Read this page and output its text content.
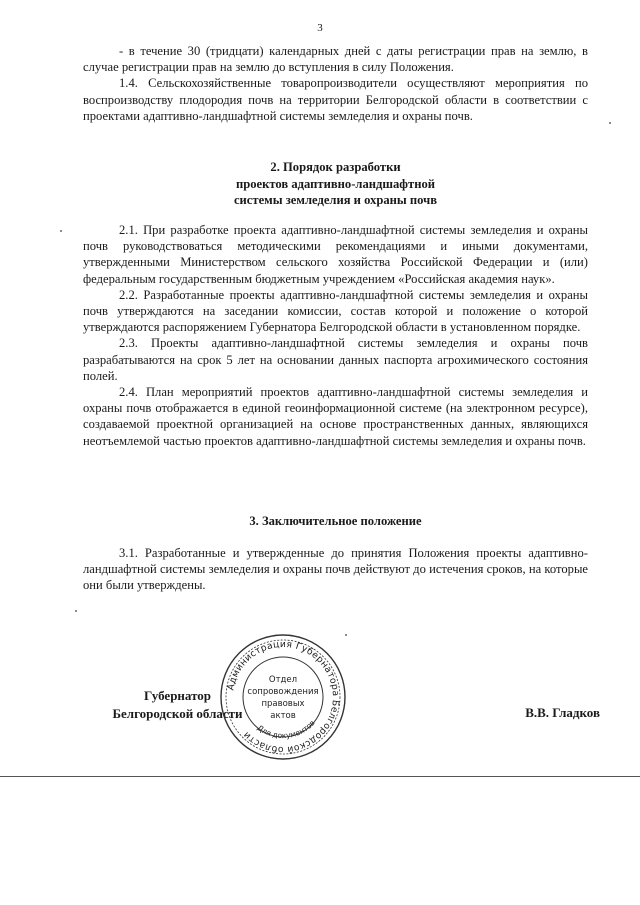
3

- в течение 30 (тридцати) календарных дней с даты регистрации прав на землю, в случае регистрации прав на землю до вступления в силу Положения.

1.4. Сельскохозяйственные товаропроизводители осуществляют мероприятия по воспроизводству плодородия почв на территории Белгородской области в соответствии с проектами адаптивно-ландшафтной системы земледелия и охраны почв.

2. Порядок разработки
проектов адаптивно-ландшафтной
системы земледелия и охраны почв

2.1. При разработке проекта адаптивно-ландшафтной системы земледелия и охраны почв руководствоваться методическими рекомендациями и иными документами, утвержденными Министерством сельского хозяйства Российской Федерации и (или) федеральным государственным бюджетным учреждением «Российская академия наук».

2.2. Разработанные проекты адаптивно-ландшафтной системы земледелия и охраны почв утверждаются на заседании комиссии, состав которой и положение о которой утверждаются распоряжением Губернатора Белгородской области в установленном порядке.

2.3. Проекты адаптивно-ландшафтной системы земледелия и охраны почв разрабатываются на срок 5 лет на основании данных паспорта агрохимического состояния полей.

2.4. План мероприятий проектов адаптивно-ландшафтной системы земледелия и охраны почв отображается в единой геоинформационной системе (на электронном ресурсе), создаваемой проектной организацией на основе пространственных данных, являющихся неотъемлемой частью проектов адаптивно-ландшафтной системы земледелия и охраны почв.

3. Заключительное положение

3.1. Разработанные и утвержденные до принятия Положения проекты адаптивно-ландшафтной системы земледелия и охраны почв действуют до истечения сроков, на которые они были утверждены.

Губернатор
Белгородской области	В.В. Гладков
Администрация Губернатора Белгородской области
Отдел
сопровождения
правовых
актов
Для документов
